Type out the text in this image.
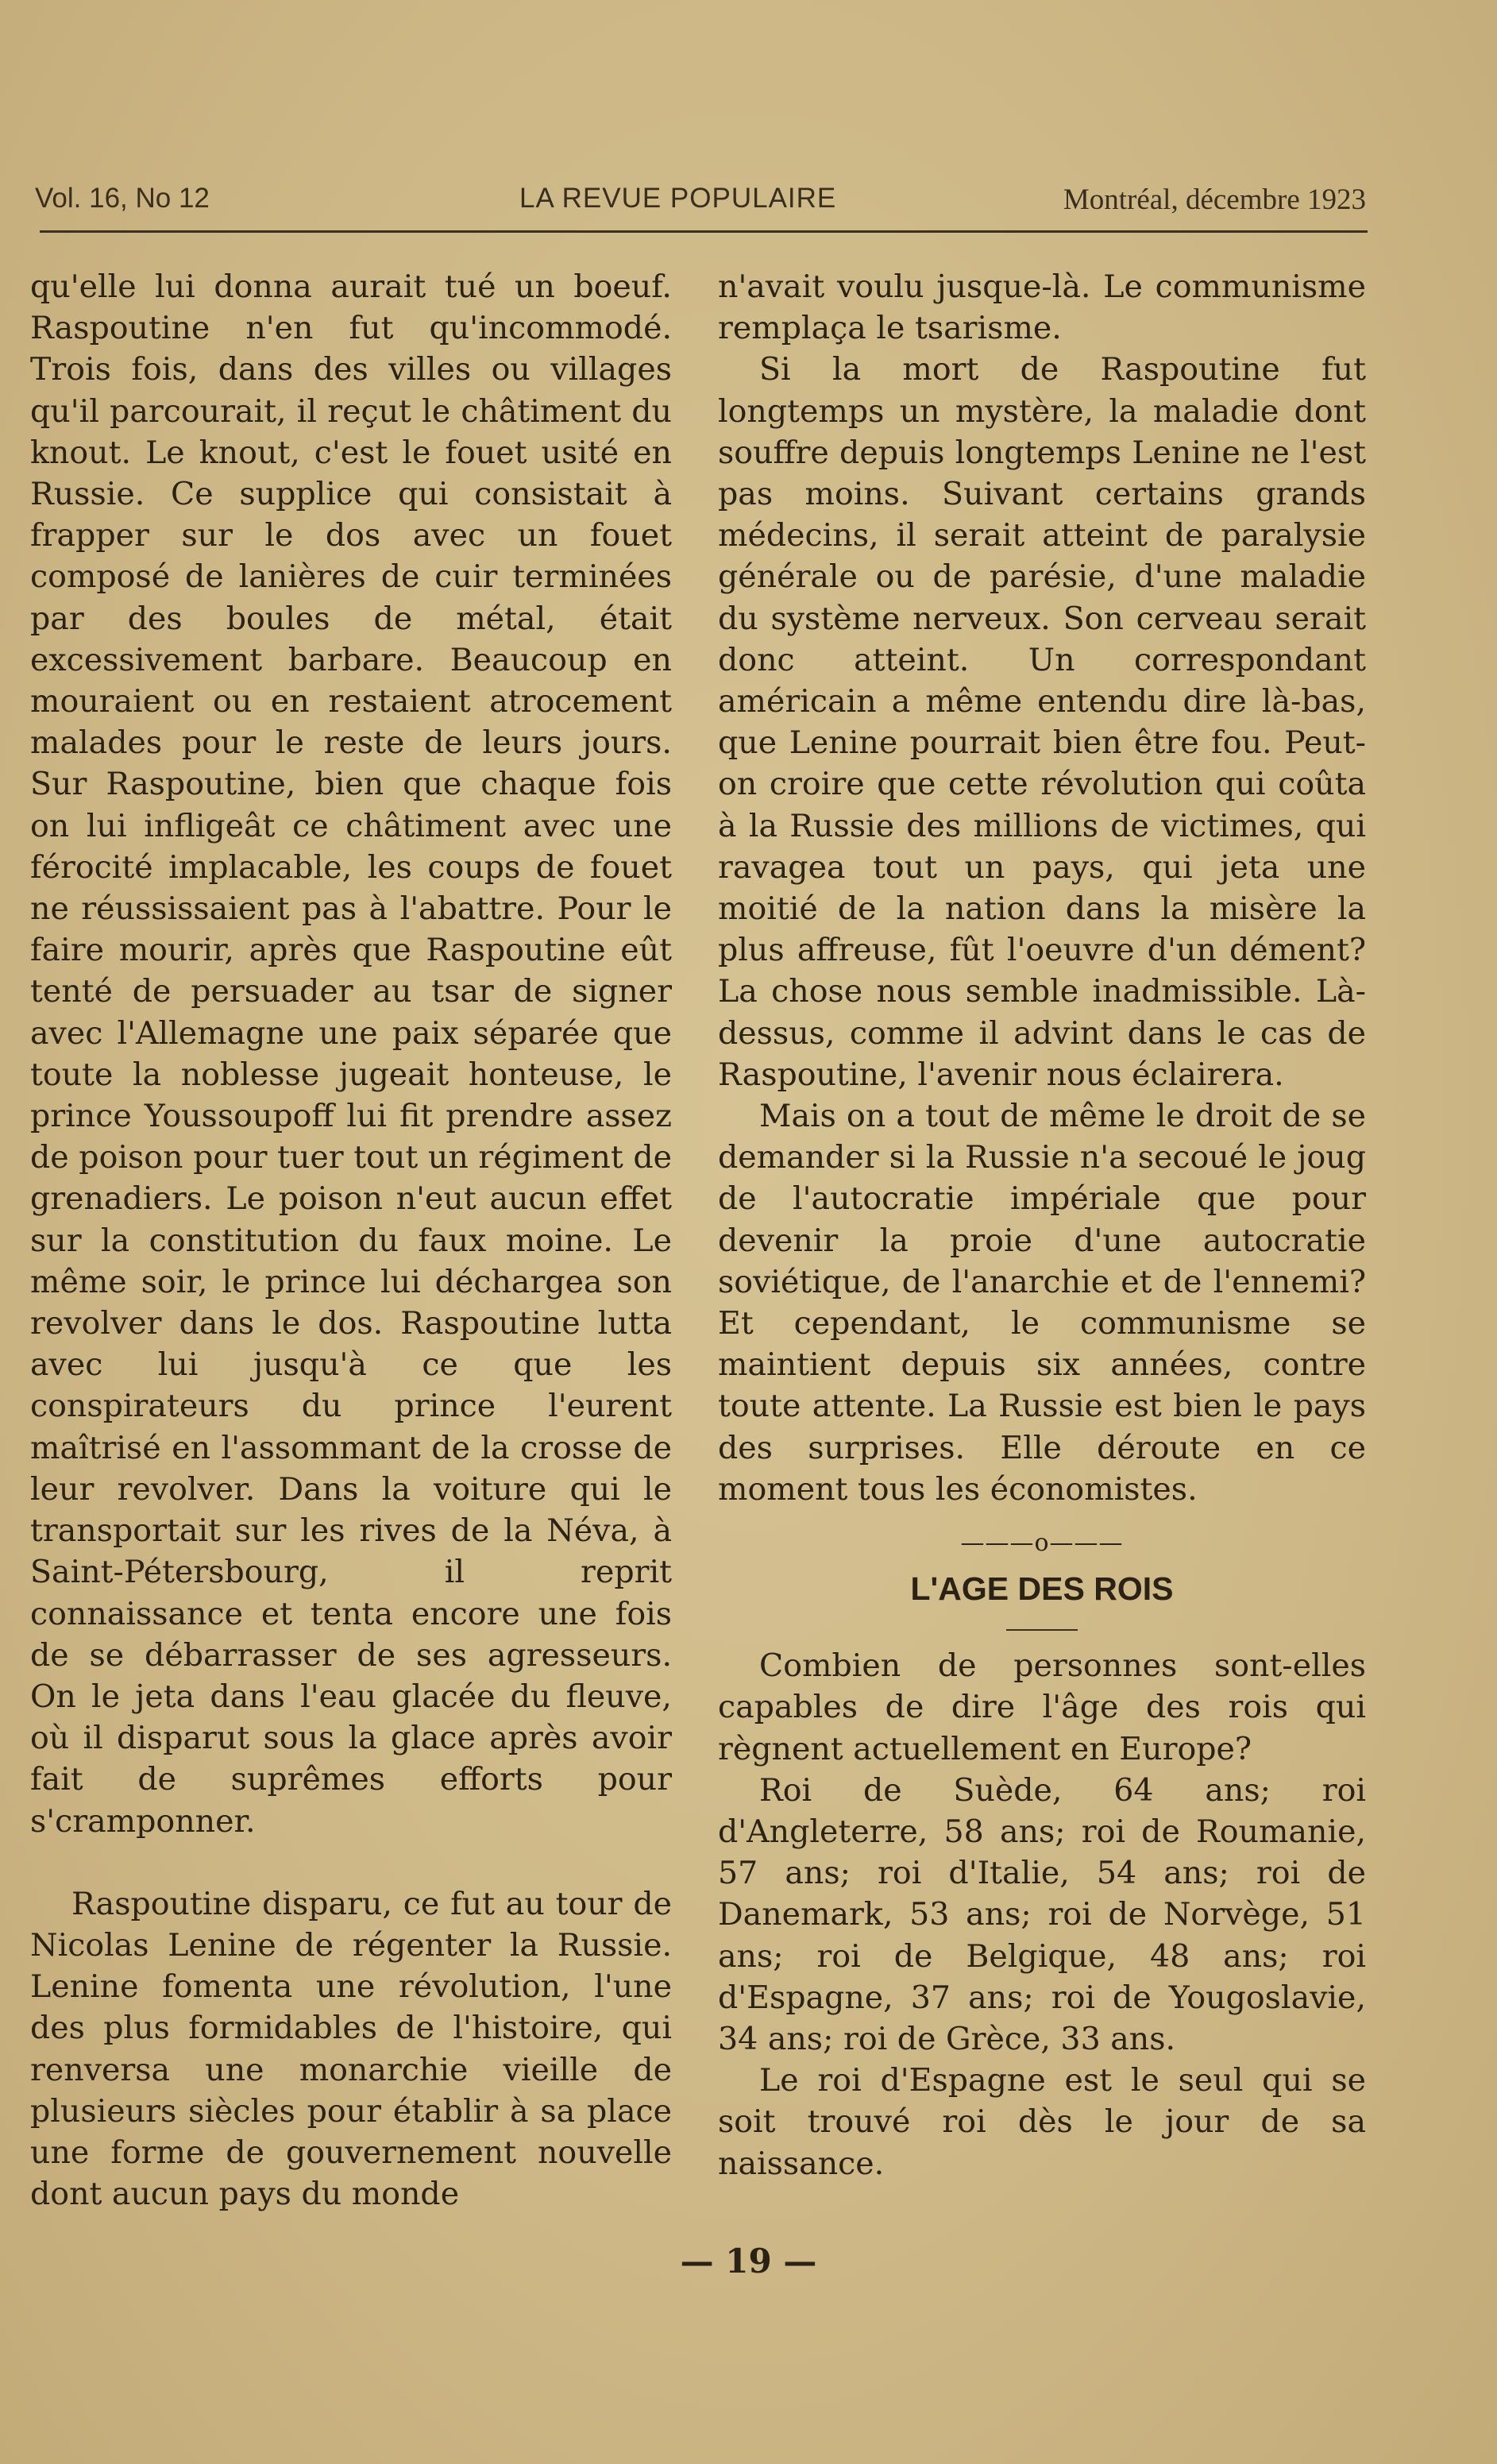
Vol. 16, No 12	LA REVUE POPULAIRE	Montréal, décembre 1923

qu'elle lui donna aurait tué un boeuf. Raspoutine n'en fut qu'incommodé. Trois fois, dans des villes ou villages qu'il parcourait, il reçut le châtiment du knout. Le knout, c'est le fouet usité en Russie. Ce supplice qui consistait à frapper sur le dos avec un fouet composé de lanières de cuir terminées par des boules de métal, était excessivement barbare. Beaucoup en mouraient ou en restaient atrocement malades pour le reste de leurs jours. Sur Raspoutine, bien que chaque fois on lui infligeât ce châtiment avec une férocité implacable, les coups de fouet ne réussissaient pas à l'abattre. Pour le faire mourir, après que Raspoutine eût tenté de persuader au tsar de signer avec l'Allemagne une paix séparée que toute la noblesse jugeait honteuse, le prince Youssoupoff lui fit prendre assez de poison pour tuer tout un régiment de grenadiers. Le poison n'eut aucun effet sur la constitution du faux moine. Le même soir, le prince lui déchargea son revolver dans le dos. Raspoutine lutta avec lui jusqu'à ce que les conspirateurs du prince l'eurent maîtrisé en l'assommant de la crosse de leur revolver. Dans la voiture qui le transportait sur les rives de la Néva, à Saint-Pétersbourg, il reprit connaissance et tenta encore une fois de se débarrasser de ses agresseurs. On le jeta dans l'eau glacée du fleuve, où il disparut sous la glace après avoir fait de suprêmes efforts pour s'cramponner.

Raspoutine disparu, ce fut au tour de Nicolas Lenine de régenter la Russie. Lenine fomenta une révolution, l'une des plus formidables de l'histoire, qui renversa une monarchie vieille de plusieurs siècles pour établir à sa place une forme de gouvernement nouvelle dont aucun pays du monde

n'avait voulu jusque-là. Le communisme remplaça le tsarisme.

Si la mort de Raspoutine fut longtemps un mystère, la maladie dont souffre depuis longtemps Lenine ne l'est pas moins. Suivant certains grands médecins, il serait atteint de paralysie générale ou de parésie, d'une maladie du système nerveux. Son cerveau serait donc atteint. Un correspondant américain a même entendu dire là-bas, que Lenine pourrait bien être fou. Peut-on croire que cette révolution qui coûta à la Russie des millions de victimes, qui ravagea tout un pays, qui jeta une moitié de la nation dans la misère la plus affreuse, fût l'oeuvre d'un dément? La chose nous semble inadmissible. Là-dessus, comme il advint dans le cas de Raspoutine, l'avenir nous éclairera.

Mais on a tout de même le droit de se demander si la Russie n'a secoué le joug de l'autocratie impériale que pour devenir la proie d'une autocratie soviétique, de l'anarchie et de l'ennemi? Et cependant, le communisme se maintient depuis six années, contre toute attente. La Russie est bien le pays des surprises. Elle déroute en ce moment tous les économistes.

———o———
L'AGE DES ROIS

Combien de personnes sont-elles capables de dire l'âge des rois qui règnent actuellement en Europe?

Roi de Suède, 64 ans; roi d'Angleterre, 58 ans; roi de Roumanie, 57 ans; roi d'Italie, 54 ans; roi de Danemark, 53 ans; roi de Norvège, 51 ans; roi de Belgique, 48 ans; roi d'Espagne, 37 ans; roi de Yougoslavie, 34 ans; roi de Grèce, 33 ans.

Le roi d'Espagne est le seul qui se soit trouvé roi dès le jour de sa naissance.

— 19 —
